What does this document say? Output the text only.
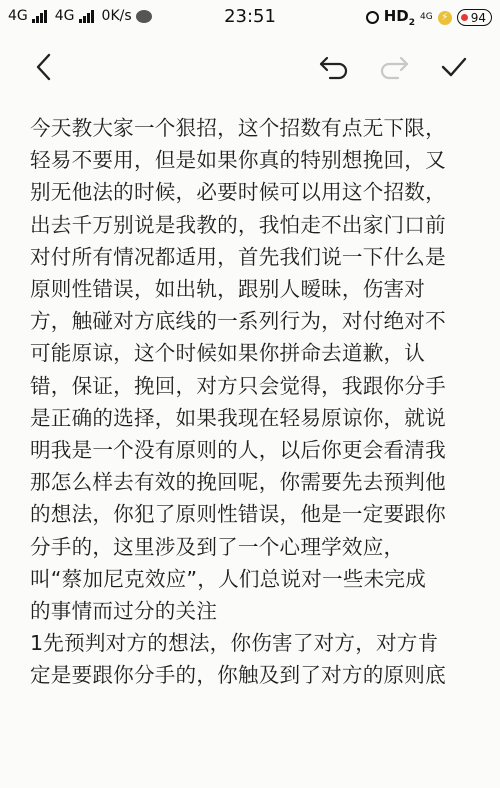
4G 4G 0K/s	23:51	$HD_2$
4G ⚡ 94

今天教大家一个狠招，这个招数有点无下限，

轻易不要用，但是如果你真的特别想挽回，又

别无他法的时候，必要时候可以用这个招数，

出去千万别说是我教的，我怕走不出家门口前

对付所有情况都适用，首先我们说一下什么是

原则性错误，如出轨，跟别人暧昧，伤害对

方，触碰对方底线的一系列行为，对付绝对不

可能原谅，这个时候如果你拼命去道歉，认

错，保证，挽回，对方只会觉得，我跟你分手

是正确的选择，如果我现在轻易原谅你，就说

明我是一个没有原则的人，以后你更会看清我

那怎么样去有效的挽回呢，你需要先去预判他

的想法，你犯了原则性错误，他是一定要跟你

分手的，这里涉及到了一个心理学效应，

叫“蔡加尼克效应”，人们总说对一些未完成

的事情而过分的关注

1先预判对方的想法，你伤害了对方，对方肯

定是要跟你分手的，你触及到了对方的原则底
